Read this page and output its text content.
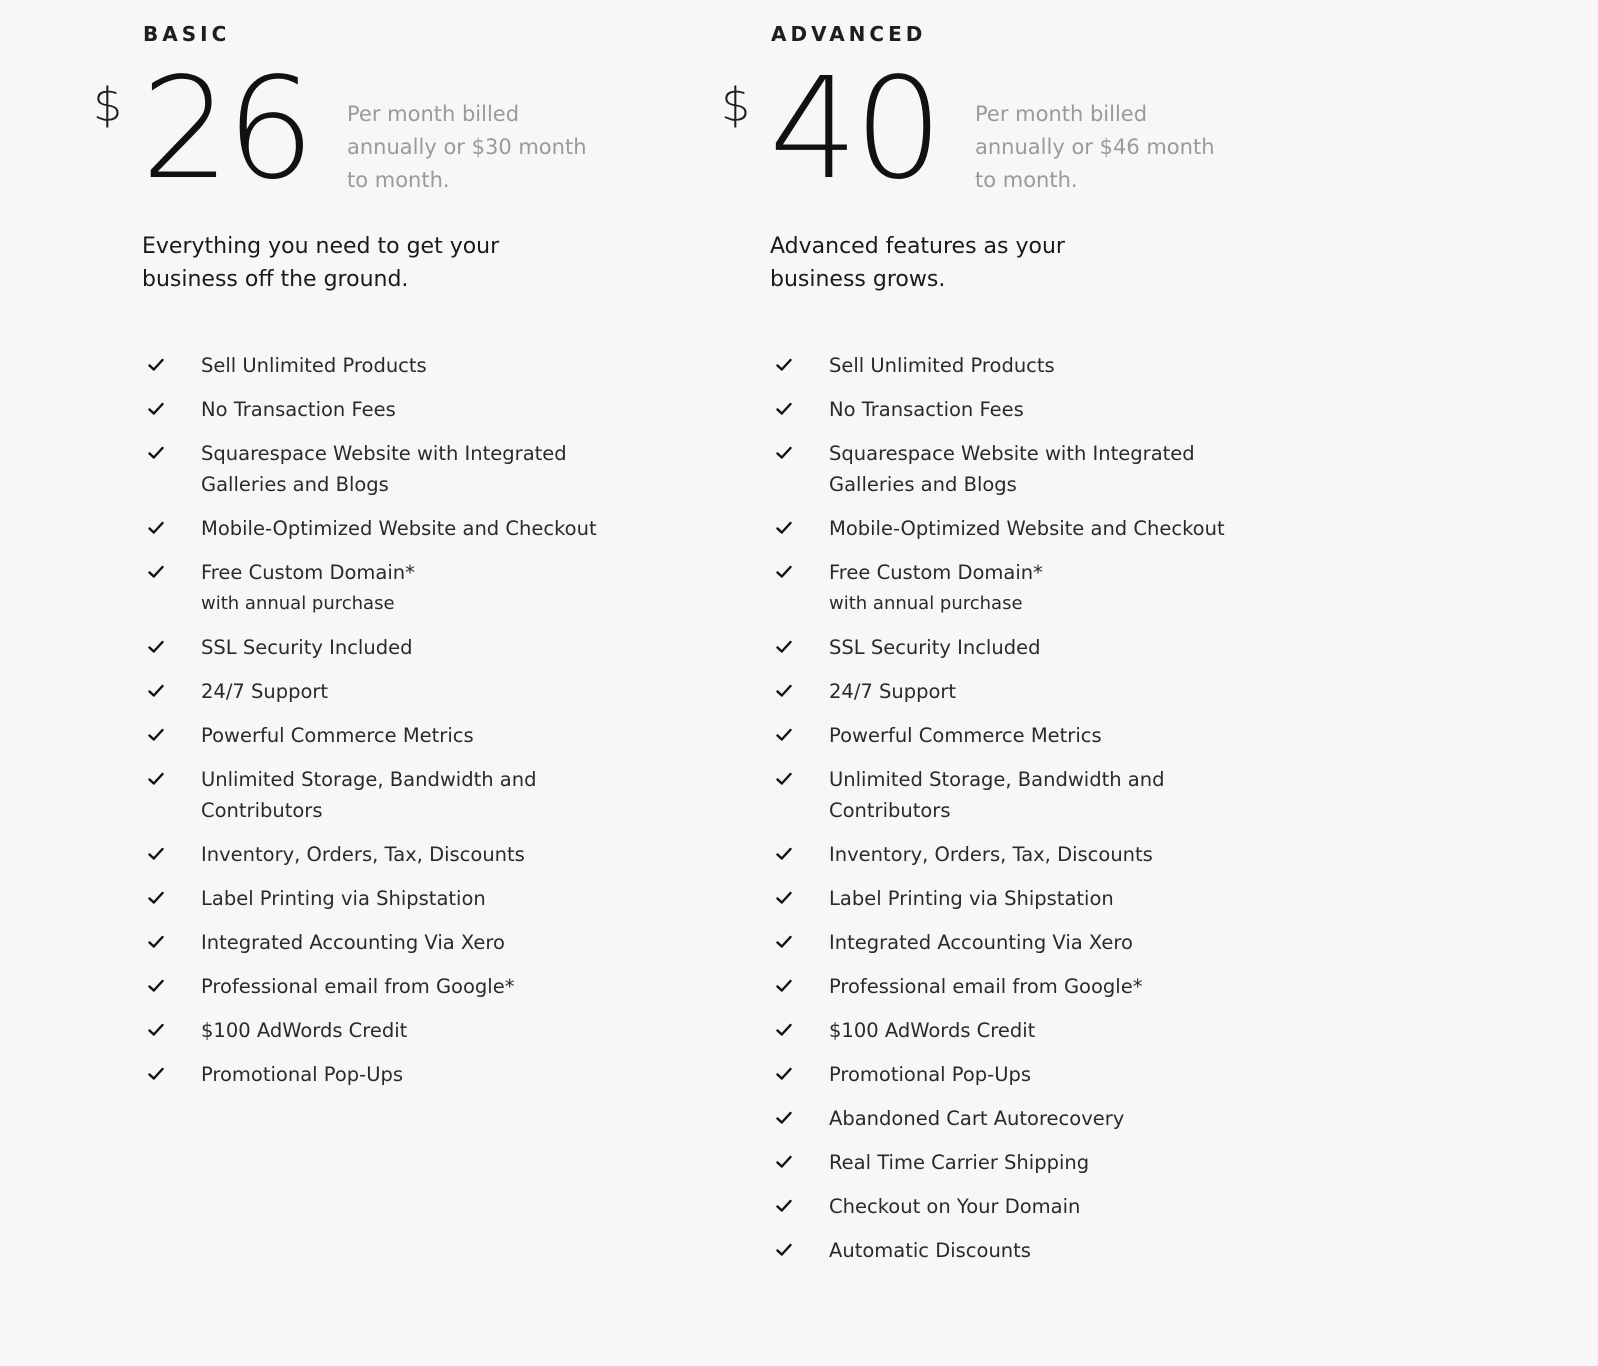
BASIC
$ 26 Per month billed annually or $30 month to month.
Everything you need to get your business off the ground.
Sell Unlimited Products
No Transaction Fees
Squarespace Website with Integrated Galleries and Blogs
Mobile-Optimized Website and Checkout
Free Custom Domain*
with annual purchase
SSL Security Included
24/7 Support
Powerful Commerce Metrics
Unlimited Storage, Bandwidth and Contributors
Inventory, Orders, Tax, Discounts
Label Printing via Shipstation
Integrated Accounting Via Xero
Professional email from Google*
$100 AdWords Credit
Promotional Pop-Ups
ADVANCED
$ 40 Per month billed annually or $46 month to month.
Advanced features as your business grows.
Sell Unlimited Products
No Transaction Fees
Squarespace Website with Integrated Galleries and Blogs
Mobile-Optimized Website and Checkout
Free Custom Domain*
with annual purchase
SSL Security Included
24/7 Support
Powerful Commerce Metrics
Unlimited Storage, Bandwidth and Contributors
Inventory, Orders, Tax, Discounts
Label Printing via Shipstation
Integrated Accounting Via Xero
Professional email from Google*
$100 AdWords Credit
Promotional Pop-Ups
Abandoned Cart Autorecovery
Real Time Carrier Shipping
Checkout on Your Domain
Automatic Discounts
